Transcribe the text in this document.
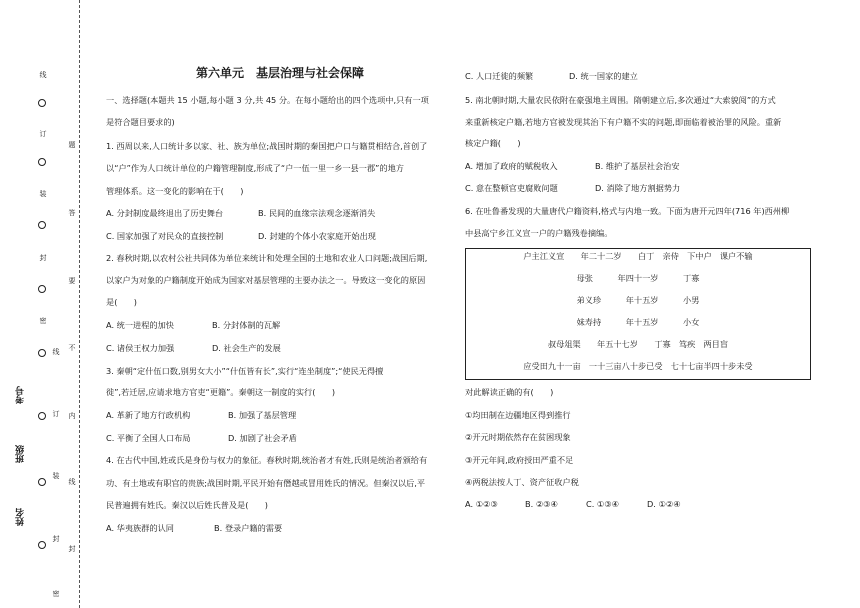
线
订
装
封
密
线
订
装
封
密
题
答
要
不
内
线
封
考号
班级
姓名
第六单元　基层治理与社会保障
一、选择题(本题共 15 小题,每小题 3 分,共 45 分。在每小题给出的四个选项中,只有一项
是符合题目要求的)
1. 西周以来,人口统计多以家、社、族为单位;战国时期的秦国把户口与籍贯相结合,首创了
以“户”作为人口统计单位的户籍管理制度,形成了“户一伍一里一乡一县一郡”的地方
管理体系。这一变化的影响在于(　　)
A. 分封制度最终退出了历史舞台	B. 民间的血缘宗法观念逐渐消失
C. 国家加强了对民众的直接控制	D. 封建的个体小农家庭开始出现
2. 春秋时期,以农村公社共同体为单位来统计和处理全国的土地和农业人口问题;战国后期,
以家户为对象的户籍制度开始成为国家对基层管理的主要办法之一。导致这一变化的原因
是(　　)
A. 统一进程的加快	B. 分封体制的瓦解
C. 诸侯王权力加强	D. 社会生产的发展
3. 秦朝“定什伍口数,别男女大小”“什伍皆有长”,实行“连坐制度”;“使民无得擅
徙”,若迁居,应请求地方官吏“更籍”。秦朝这一制度的实行(　　)
A. 革新了地方行政机构	B. 加强了基层管理
C. 平衡了全国人口布局	D. 加剧了社会矛盾
4. 在古代中国,姓或氏是身份与权力的象征。春秋时期,统治者才有姓,氏则是统治者颁给有
功、有土地或有职官的贵族;战国时期,平民开始有僭越或冒用姓氏的情况。但秦汉以后,平
民普遍拥有姓氏。秦汉以后姓氏普及是(　　)
A. 华夷族群的认同	B. 登录户籍的需要
C. 人口迁徙的频繁	D. 统一国家的建立
5. 南北朝时期,大量农民依附在豪强地主周围。隋朝建立后,多次通过“大索貌阅”的方式
来重新核定户籍,若地方官被发现其治下有户籍不实的问题,即面临着被治罪的风险。重新
核定户籍(　　)
A. 增加了政府的赋税收入	B. 维护了基层社会治安
C. 意在整顿官吏腐败问题	D. 消除了地方割据势力
6. 在吐鲁番发现的大量唐代户籍资料,格式与内地一致。下面为唐开元四年(716 年)西州柳
中县高宁乡江义宣一户的户籍残卷摘编。
对此解读正确的有(　　)
①均田制在边疆地区得到推行
②开元时期依然存在贫困现象
③开元年间,政府授田严重不足
④两税法按人丁、资产征收户税
A. ①②③	B. ②③④	C. ①③④	D. ①②④
户主江义宣　　年二十二岁　　白丁　亲侍　下中户　课户不输
母张　　　年四十一岁　　　丁寡
弟义珍　　　年十五岁　　　小男
妹寿持　　　年十五岁　　　小女
叔母俎渠　　年五十七岁　　丁寡　笃疾　两目盲
应受田九十一亩　一十三亩八十步已受　七十七亩半四十步未受
